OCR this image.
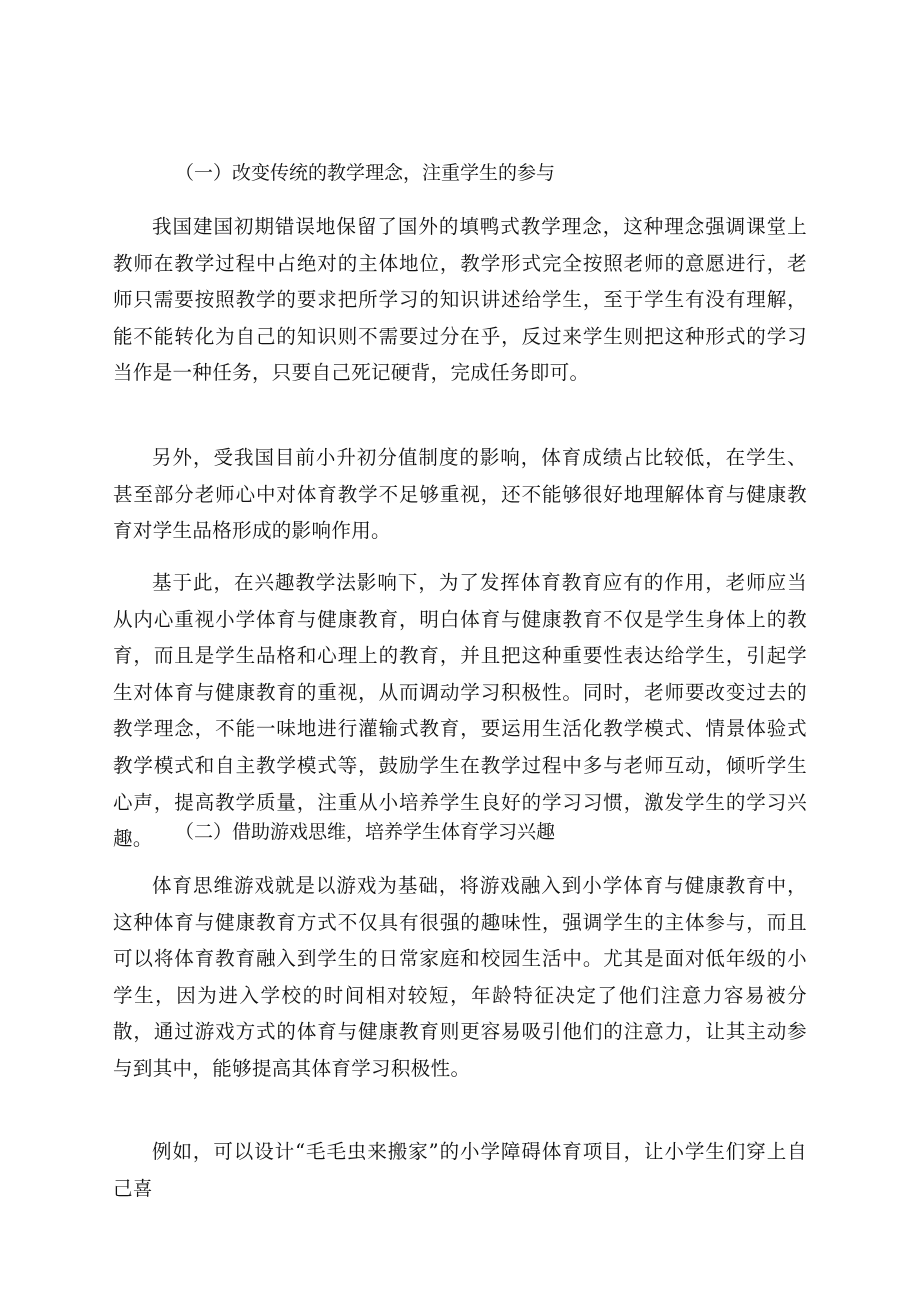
（一）改变传统的教学理念，注重学生的参与

我国建国初期错误地保留了国外的填鸭式教学理念，这种理念强调课堂上教师在教学过程中占绝对的主体地位，教学形式完全按照老师的意愿进行，老师只需要按照教学的要求把所学习的知识讲述给学生，至于学生有没有理解，能不能转化为自己的知识则不需要过分在乎，反过来学生则把这种形式的学习当作是一种任务，只要自己死记硬背，完成任务即可。

另外，受我国目前小升初分值制度的影响，体育成绩占比较低，在学生、甚至部分老师心中对体育教学不足够重视，还不能够很好地理解体育与健康教育对学生品格形成的影响作用。

基于此，在兴趣教学法影响下，为了发挥体育教育应有的作用，老师应当从内心重视小学体育与健康教育，明白体育与健康教育不仅是学生身体上的教育，而且是学生品格和心理上的教育，并且把这种重要性表达给学生，引起学生对体育与健康教育的重视，从而调动学习积极性。同时，老师要改变过去的教学理念，不能一味地进行灌输式教育，要运用生活化教学模式、情景体验式教学模式和自主教学模式等，鼓励学生在教学过程中多与老师互动，倾听学生心声，提高教学质量，注重从小培养学生良好的学习习惯，激发学生的学习兴趣。	（二）借助游戏思维，培养学生体育学习兴趣

体育思维游戏就是以游戏为基础，将游戏融入到小学体育与健康教育中，这种体育与健康教育方式不仅具有很强的趣味性，强调学生的主体参与，而且可以将体育教育融入到学生的日常家庭和校园生活中。尤其是面对低年级的小学生，因为进入学校的时间相对较短，年龄特征决定了他们注意力容易被分散，通过游戏方式的体育与健康教育则更容易吸引他们的注意力，让其主动参与到其中，能够提高其体育学习积极性。

例如，可以设计“毛毛虫来搬家”的小学障碍体育项目，让小学生们穿上自己喜
